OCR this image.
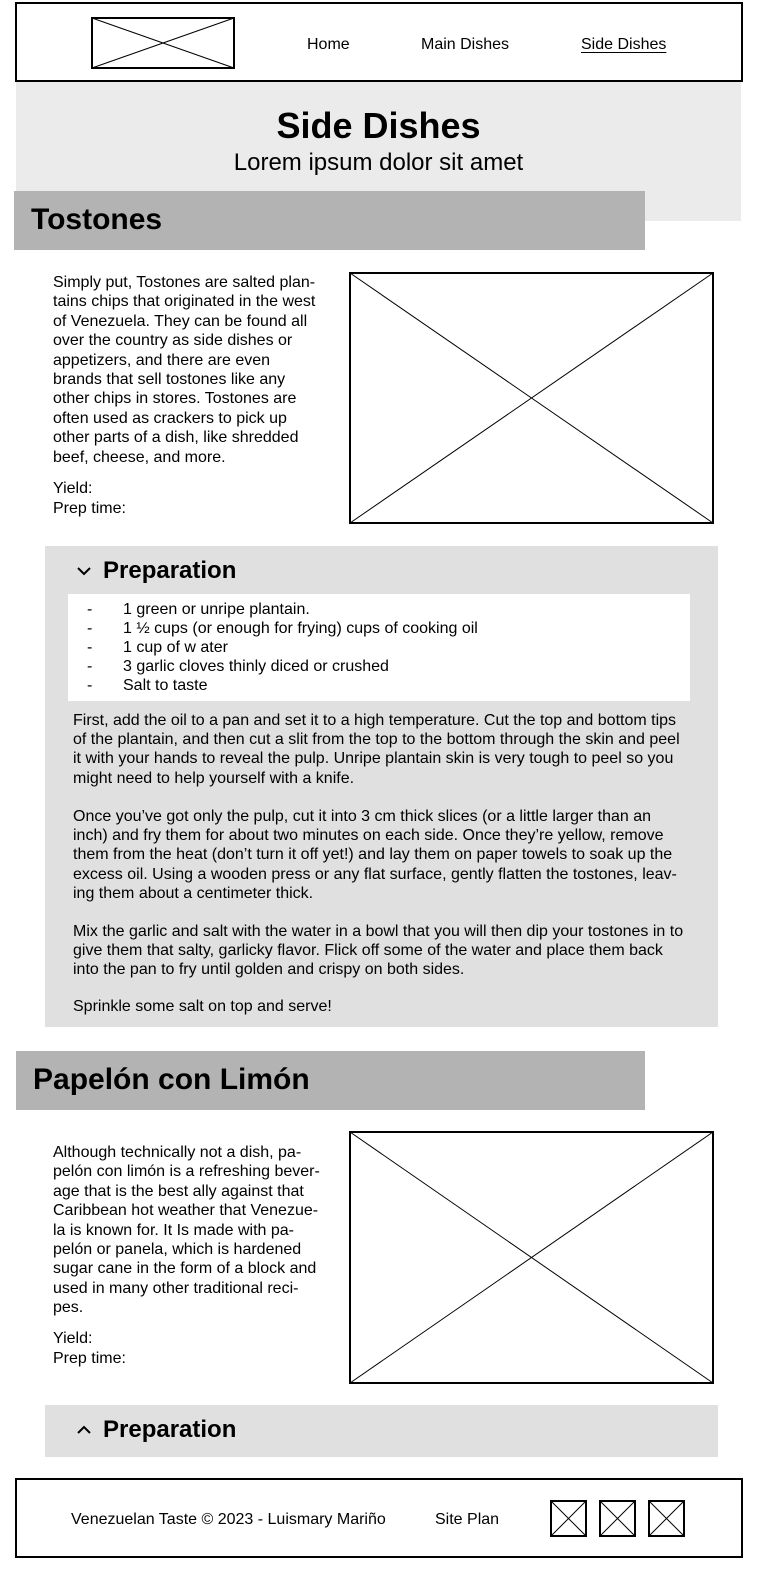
Home	Main Dishes	Side Dishes
Side Dishes
Lorem ipsum dolor sit amet
Tostones
Simply put, Tostones are salted plantains chips that originated in the west of Venezuela. They can be found all over the country as side dishes or appetizers, and there are even brands that sell tostones like any other chips in stores. Tostones are often used as crackers to pick up other parts of a dish, like shredded beef, cheese, and more.
Yield:
Prep time:
Preparation
- 1 green or unripe plantain.
- 1 ½ cups (or enough for frying) cups of cooking oil
- 1 cup of w ater
- 3 garlic cloves thinly diced or crushed
- Salt to taste
First, add the oil to a pan and set it to a high temperature. Cut the top and bottom tips of the plantain, and then cut a slit from the top to the bottom through the skin and peel it with your hands to reveal the pulp. Unripe plantain skin is very tough to peel so you might need to help yourself with a knife.
Once you’ve got only the pulp, cut it into 3 cm thick slices (or a little larger than an inch) and fry them for about two minutes on each side. Once they’re yellow, remove them from the heat (don’t turn it off yet!) and lay them on paper towels to soak up the excess oil. Using a wooden press or any flat surface, gently flatten the tostones, leaving them about a centimeter thick.
Mix the garlic and salt with the water in a bowl that you will then dip your tostones in to give them that salty, garlicky flavor. Flick off some of the water and place them back into the pan to fry until golden and crispy on both sides.
Sprinkle some salt on top and serve!
Papelón con Limón
Although technically not a dish, papelón con limón is a refreshing beverage that is the best ally against that Caribbean hot weather that Venezuela is known for. It Is made with papelón or panela, which is hardened sugar cane in the form of a block and used in many other traditional recipes.
Yield:
Prep time:
Preparation
Venezuelan Taste © 2023 - Luismary Mariño	Site Plan
